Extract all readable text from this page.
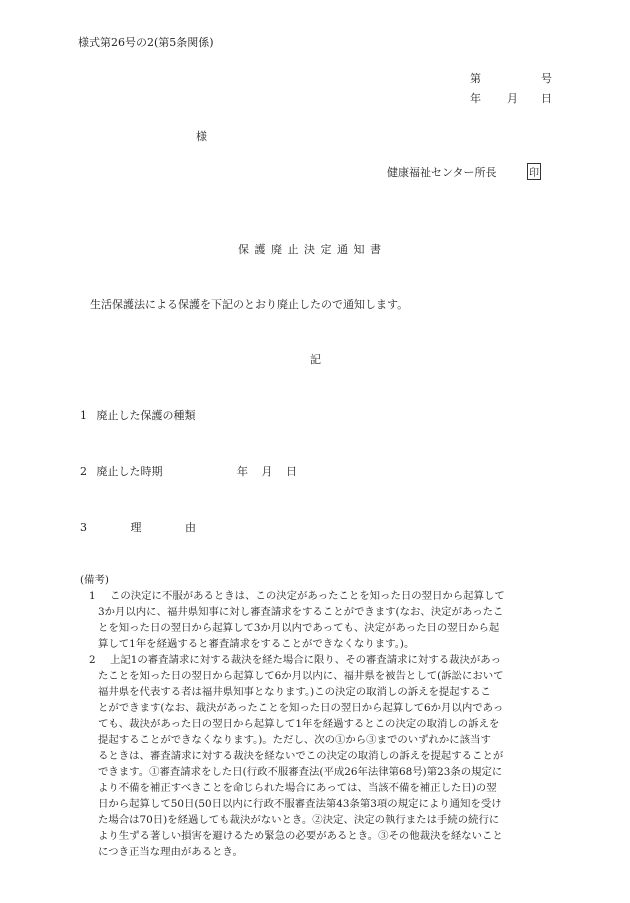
様式第26号の2(第5条関係)
第	号
年 月 日
様
健康福祉センター所長	印
保 護 廃 止 決 定 通 知 書
生活保護法による保護を下記のとおり廃止したので通知します。
記
1 廃止した保護の種類
2 廃止した時期	年 月 日
3 理 由
(備考)
1	この決定に不服があるときは、この決定があったことを知った日の翌日から起算して
3か月以内に、福井県知事に対し審査請求をすることができます(なお、決定があったこ
とを知った日の翌日から起算して3か月以内であっても、決定があった日の翌日から起
算して1年を経過すると審査請求をすることができなくなります。)。

2	上記1の審査請求に対する裁決を経た場合に限り、その審査請求に対する裁決があっ
たことを知った日の翌日から起算して6か月以内に、福井県を被告として(訴訟において
福井県を代表する者は福井県知事となります。)この決定の取消しの訴えを提起するこ
とができます(なお、裁決があったことを知った日の翌日から起算して6か月以内であっ
ても、裁決があった日の翌日から起算して1年を経過するとこの決定の取消しの訴えを
提起することができなくなります。)。ただし、次の①から③までのいずれかに該当す
るときは、審査請求に対する裁決を経ないでこの決定の取消しの訴えを提起することが
できます。①審査請求をした日(行政不服審査法(平成26年法律第68号)第23条の規定に
より不備を補正すべきことを命じられた場合にあっては、当該不備を補正した日)の翌
日から起算して50日(50日以内に行政不服審査法第43条第3項の規定により通知を受け
た場合は70日)を経過しても裁決がないとき。②決定、決定の執行または手続の続行に
より生ずる著しい損害を避けるため緊急の必要があるとき。③その他裁決を経ないこと
につき正当な理由があるとき。
